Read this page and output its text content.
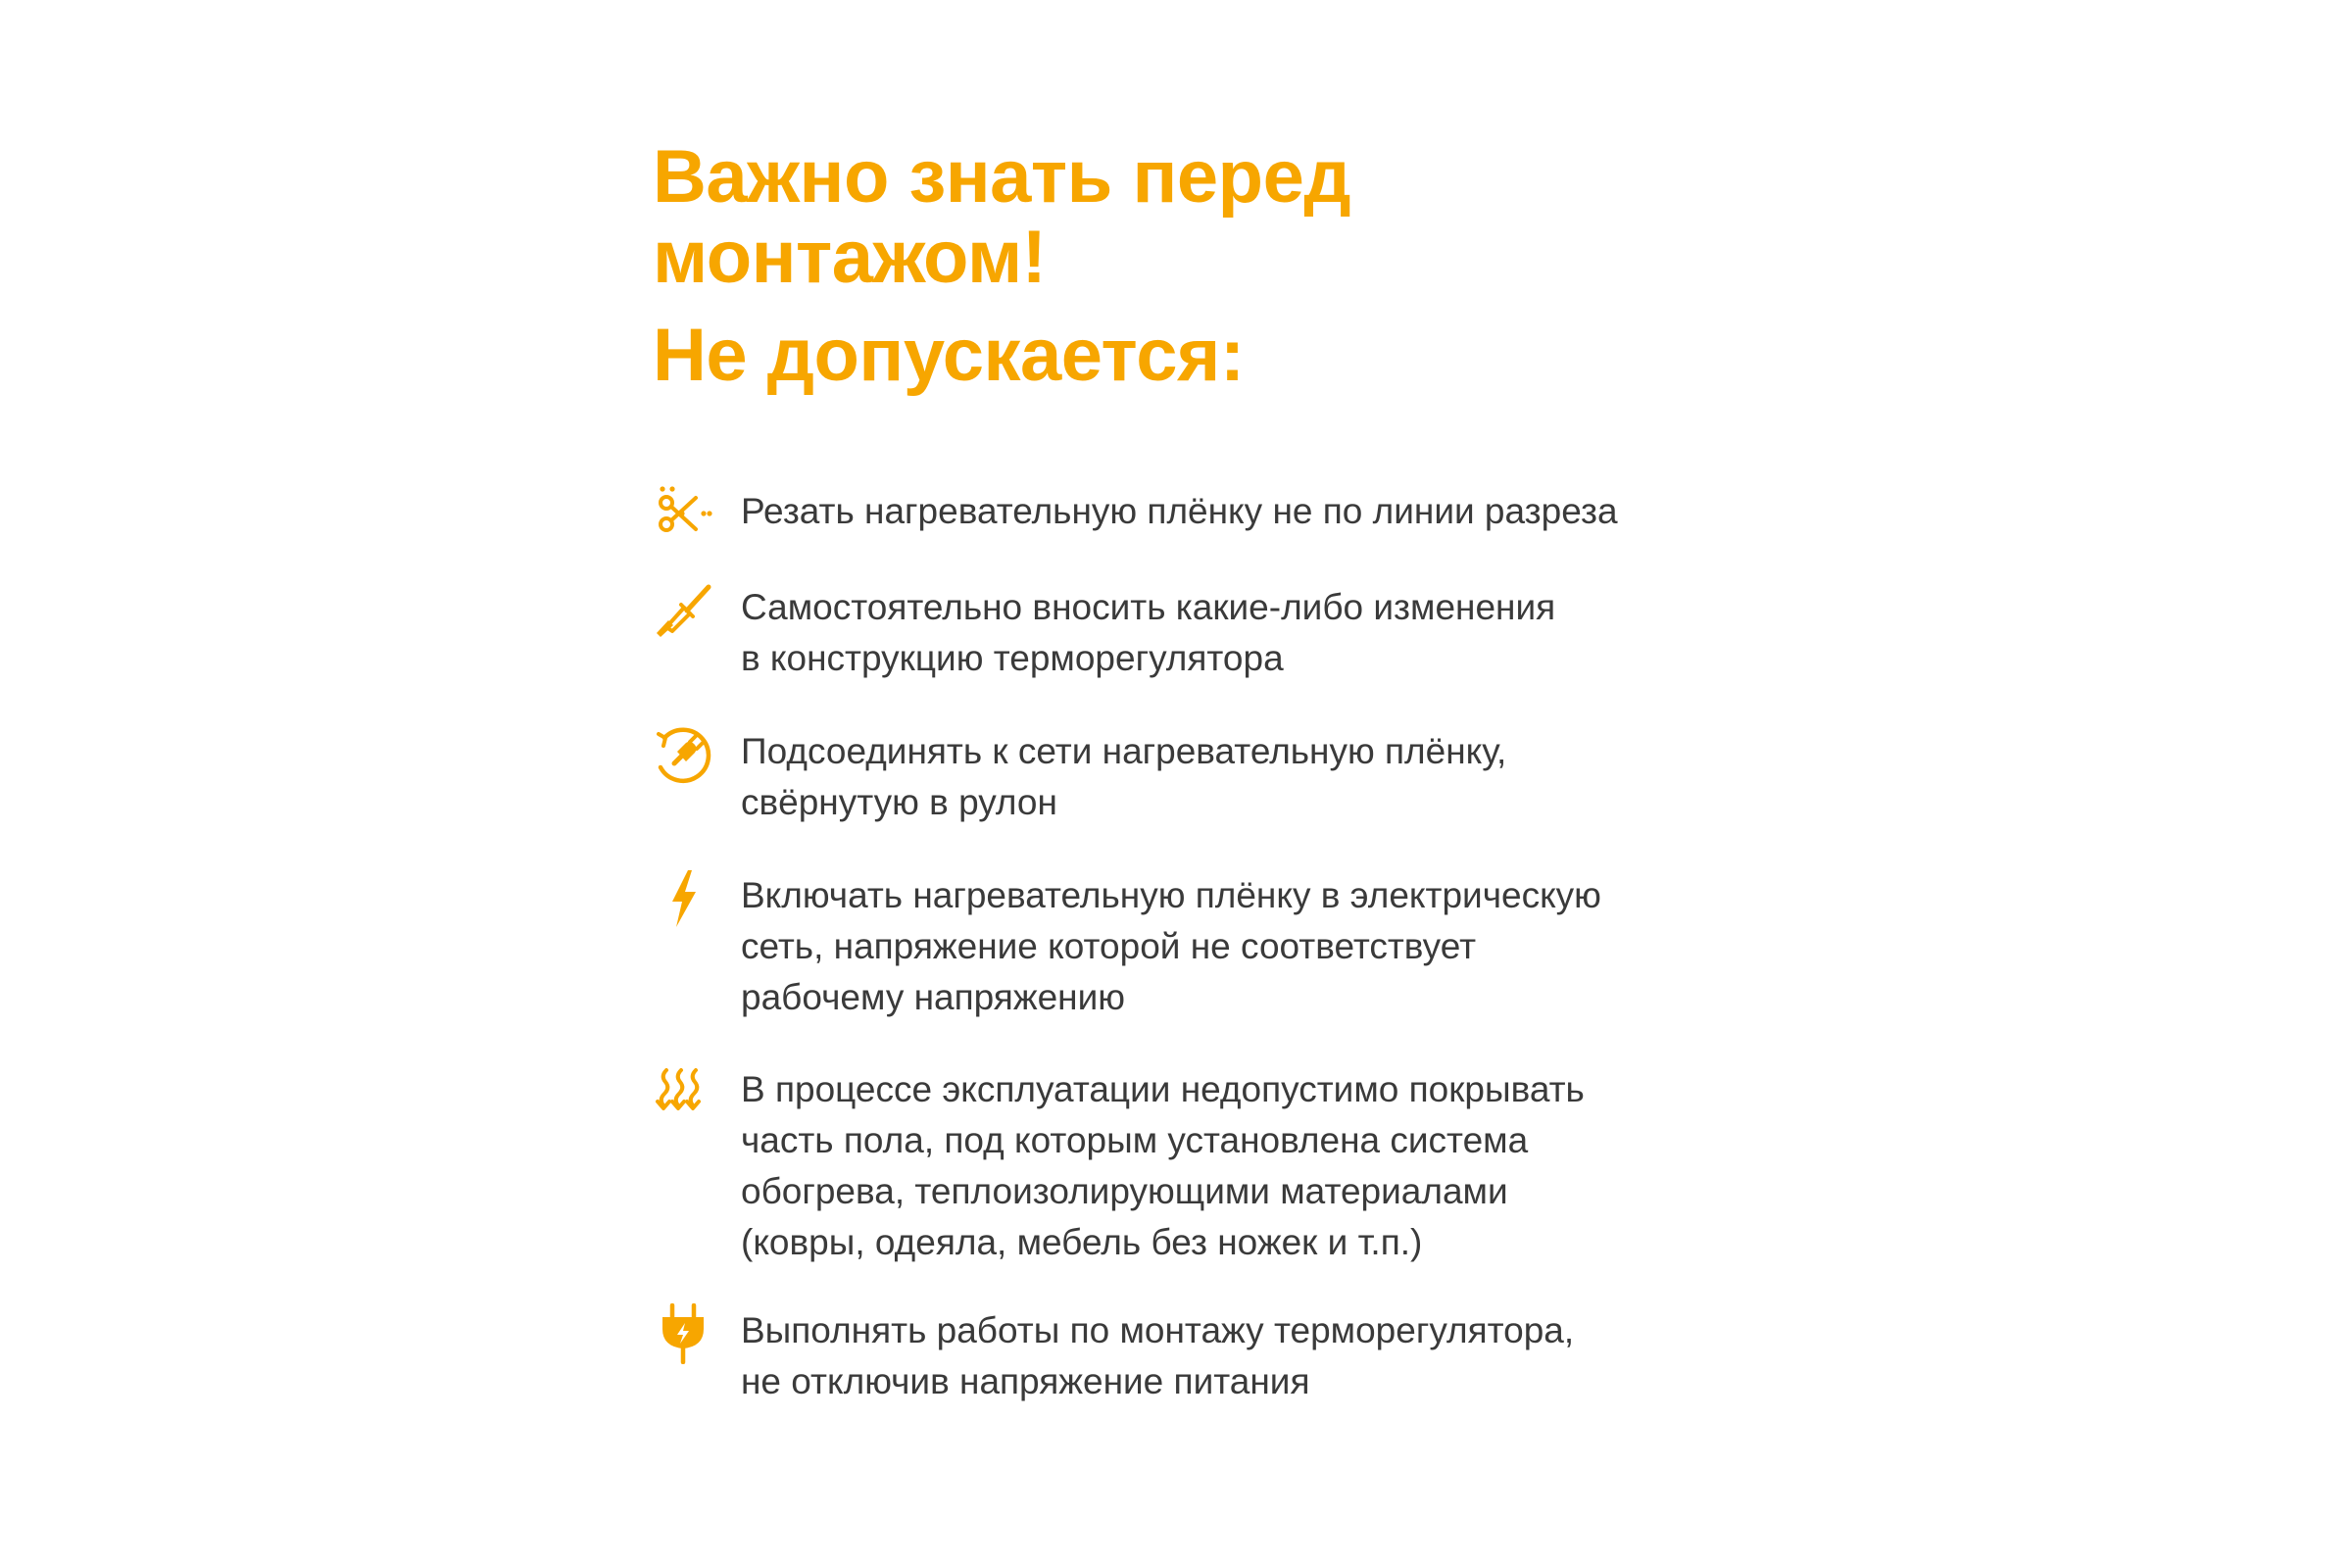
Важно знать перед
монтажом!
Не допускается:
Резать нагревательную плёнку не по линии разреза
Самостоятельно вносить какие-либо изменения
в конструкцию терморегулятора
Подсоединять к сети нагревательную плёнку,
свёрнутую в рулон
Включать нагревательную плёнку в электрическую
сеть, напряжение которой не соответствует
рабочему напряжению
В процессе эксплуатации недопустимо покрывать
часть пола, под которым установлена система
обогрева, теплоизолирующими материалами
(ковры, одеяла, мебель без ножек и т.п.)
Выполнять работы по монтажу терморегулятора,
не отключив напряжение питания
